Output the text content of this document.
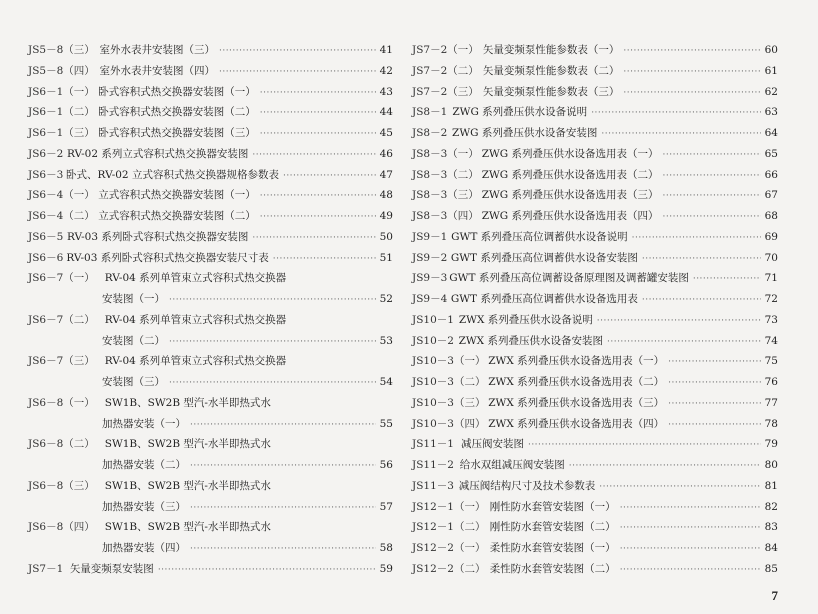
JS5－8（三） 室外水表井安装图（三） ·····	41
JS5－8（四） 室外水表井安装图（四） ·····	42
JS6－1（一） 卧式容积式热交换器安装图（一） ·····	43
JS6－1（二） 卧式容积式热交换器安装图（二） ·····	44
JS6－1（三） 卧式容积式热交换器安装图（三） ·····	45
JS6－2 RV-02 系列立式容积式热交换器安装图 ·····	46
JS6－3 卧式、RV-02 立式容积式热交换器规格参数表 ·····	47
JS6－4（一） 立式容积式热交换器安装图（一） ·····	48
JS6－4（二） 立式容积式热交换器安装图（二） ·····	49
JS6－5 RV-03 系列卧式容积式热交换器安装图 ·····	50
JS6－6 RV-03 系列卧式容积式热交换器安装尺寸表 ·····	51
JS6－7（一） RV-04 系列单管束立式容积式热交换器
安装图（一） ·····	52
JS6－7（二） RV-04 系列单管束立式容积式热交换器
安装图（二） ·····	53
JS6－7（三） RV-04 系列单管束立式容积式热交换器
安装图（三） ·····	54
JS6－8（一） SW1B、SW2B 型汽-水半即热式水
加热器安装（一） ·····	55
JS6－8（二） SW1B、SW2B 型汽-水半即热式水
加热器安装（二） ·····	56
JS6－8（三） SW1B、SW2B 型汽-水半即热式水
加热器安装（三） ·····	57
JS6－8（四） SW1B、SW2B 型汽-水半即热式水
加热器安装（四） ·····	58
JS7－1 矢量变频泵安装图 ·····	59
JS7－2（一） 矢量变频泵性能参数表（一） ·····	60
JS7－2（二） 矢量变频泵性能参数表（二） ·····	61
JS7－2（三） 矢量变频泵性能参数表（三） ·····	62
JS8－1 ZWG 系列叠压供水设备说明 ·····	63
JS8－2 ZWG 系列叠压供水设备安装图 ·····	64
JS8－3（一） ZWG 系列叠压供水设备选用表（一） ·····	65
JS8－3（二） ZWG 系列叠压供水设备选用表（二） ·····	66
JS8－3（三） ZWG 系列叠压供水设备选用表（三） ·····	67
JS8－3（四） ZWG 系列叠压供水设备选用表（四） ·····	68
JS9－1 GWT 系列叠压高位调蓄供水设备说明 ·····	69
JS9－2 GWT 系列叠压高位调蓄供水设备安装图 ·····	70
JS9－3 GWT 系列叠压高位调蓄设备原理图及调蓄罐安装图 ·····	71
JS9－4 GWT 系列叠压高位调蓄供水设备选用表 ·····	72
JS10－1 ZWX 系列叠压供水设备说明 ·····	73
JS10－2 ZWX 系列叠压供水设备安装图 ·····	74
JS10－3（一） ZWX 系列叠压供水设备选用表（一） ·····	75
JS10－3（二） ZWX 系列叠压供水设备选用表（二） ·····	76
JS10－3（三） ZWX 系列叠压供水设备选用表（三） ·····	77
JS10－3（四） ZWX 系列叠压供水设备选用表（四） ·····	78
JS11－1 减压阀安装图 ·····	79
JS11－2 给水双组减压阀安装图 ·····	80
JS11－3 减压阀结构尺寸及技术参数表 ·····	81
JS12－1（一） 刚性防水套管安装图（一） ·····	82
JS12－1（二） 刚性防水套管安装图（二） ·····	83
JS12－2（一） 柔性防水套管安装图（一） ·····	84
JS12－2（二） 柔性防水套管安装图（二） ·····	85
7
